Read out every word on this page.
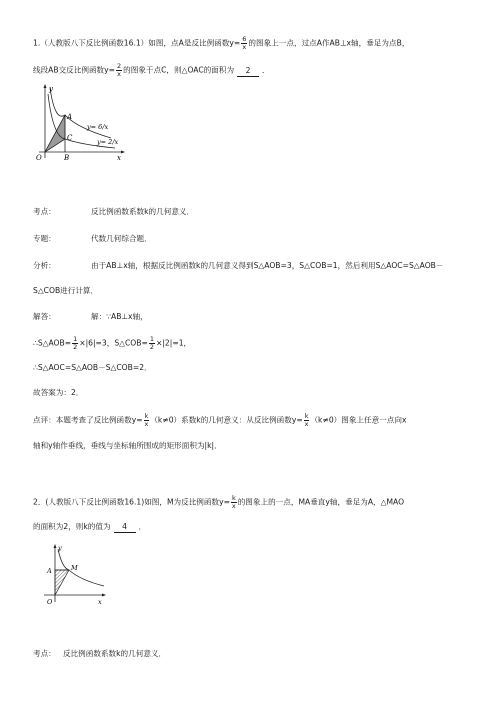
1.（人教版八下反比例函数16.1）如图，点A是反比例函数$y= \frac{6}{x}$ 的图象上一点，过点A作AB⊥x轴，垂足为点B，
线段AB交反比例函数$y= \frac{2}{x}$ 的图象于点C，则△OAC的面积为 2 ．
y
x
O
A
B
C
y= 6/x
y= 2/x
考点：	反比例函数系数k的几何意义．
专题：	代数几何综合题．
分析：	由于AB⊥x轴，根据反比例函数k的几何意义得到S△AOB=3，S△COB=1，然后利用S△AOC=S△AOB－
S△COB进行计算．
解答：	解：∵AB⊥x轴，
∴S△AOB= $\frac{1}{2} \times|6|=3$，S△COB= $\frac{1}{2} \times|2|=1$，
∴S△AOC=S△AOB－S△COB=2．
故答案为：2．
点评：本题考查了反比例函数$y= \frac{k}{x} (k\ne 0)$系数k的几何意义：从反比例函数$y= \frac{k}{x} (k\ne 0)$图象上任意一点向x
轴和y轴作垂线，垂线与坐标轴所围成的矩形面积为|k|．
2．(人教版八下反比例函数16.1)如图，M为反比例函数$y= \frac{k}{x}$ 的图象上的一点，MA垂直y轴，垂足为A，△MAO
的面积为2，则k的值为 4 ．
y
x
O
A	M
考点： 反比例函数系数k的几何意义．
